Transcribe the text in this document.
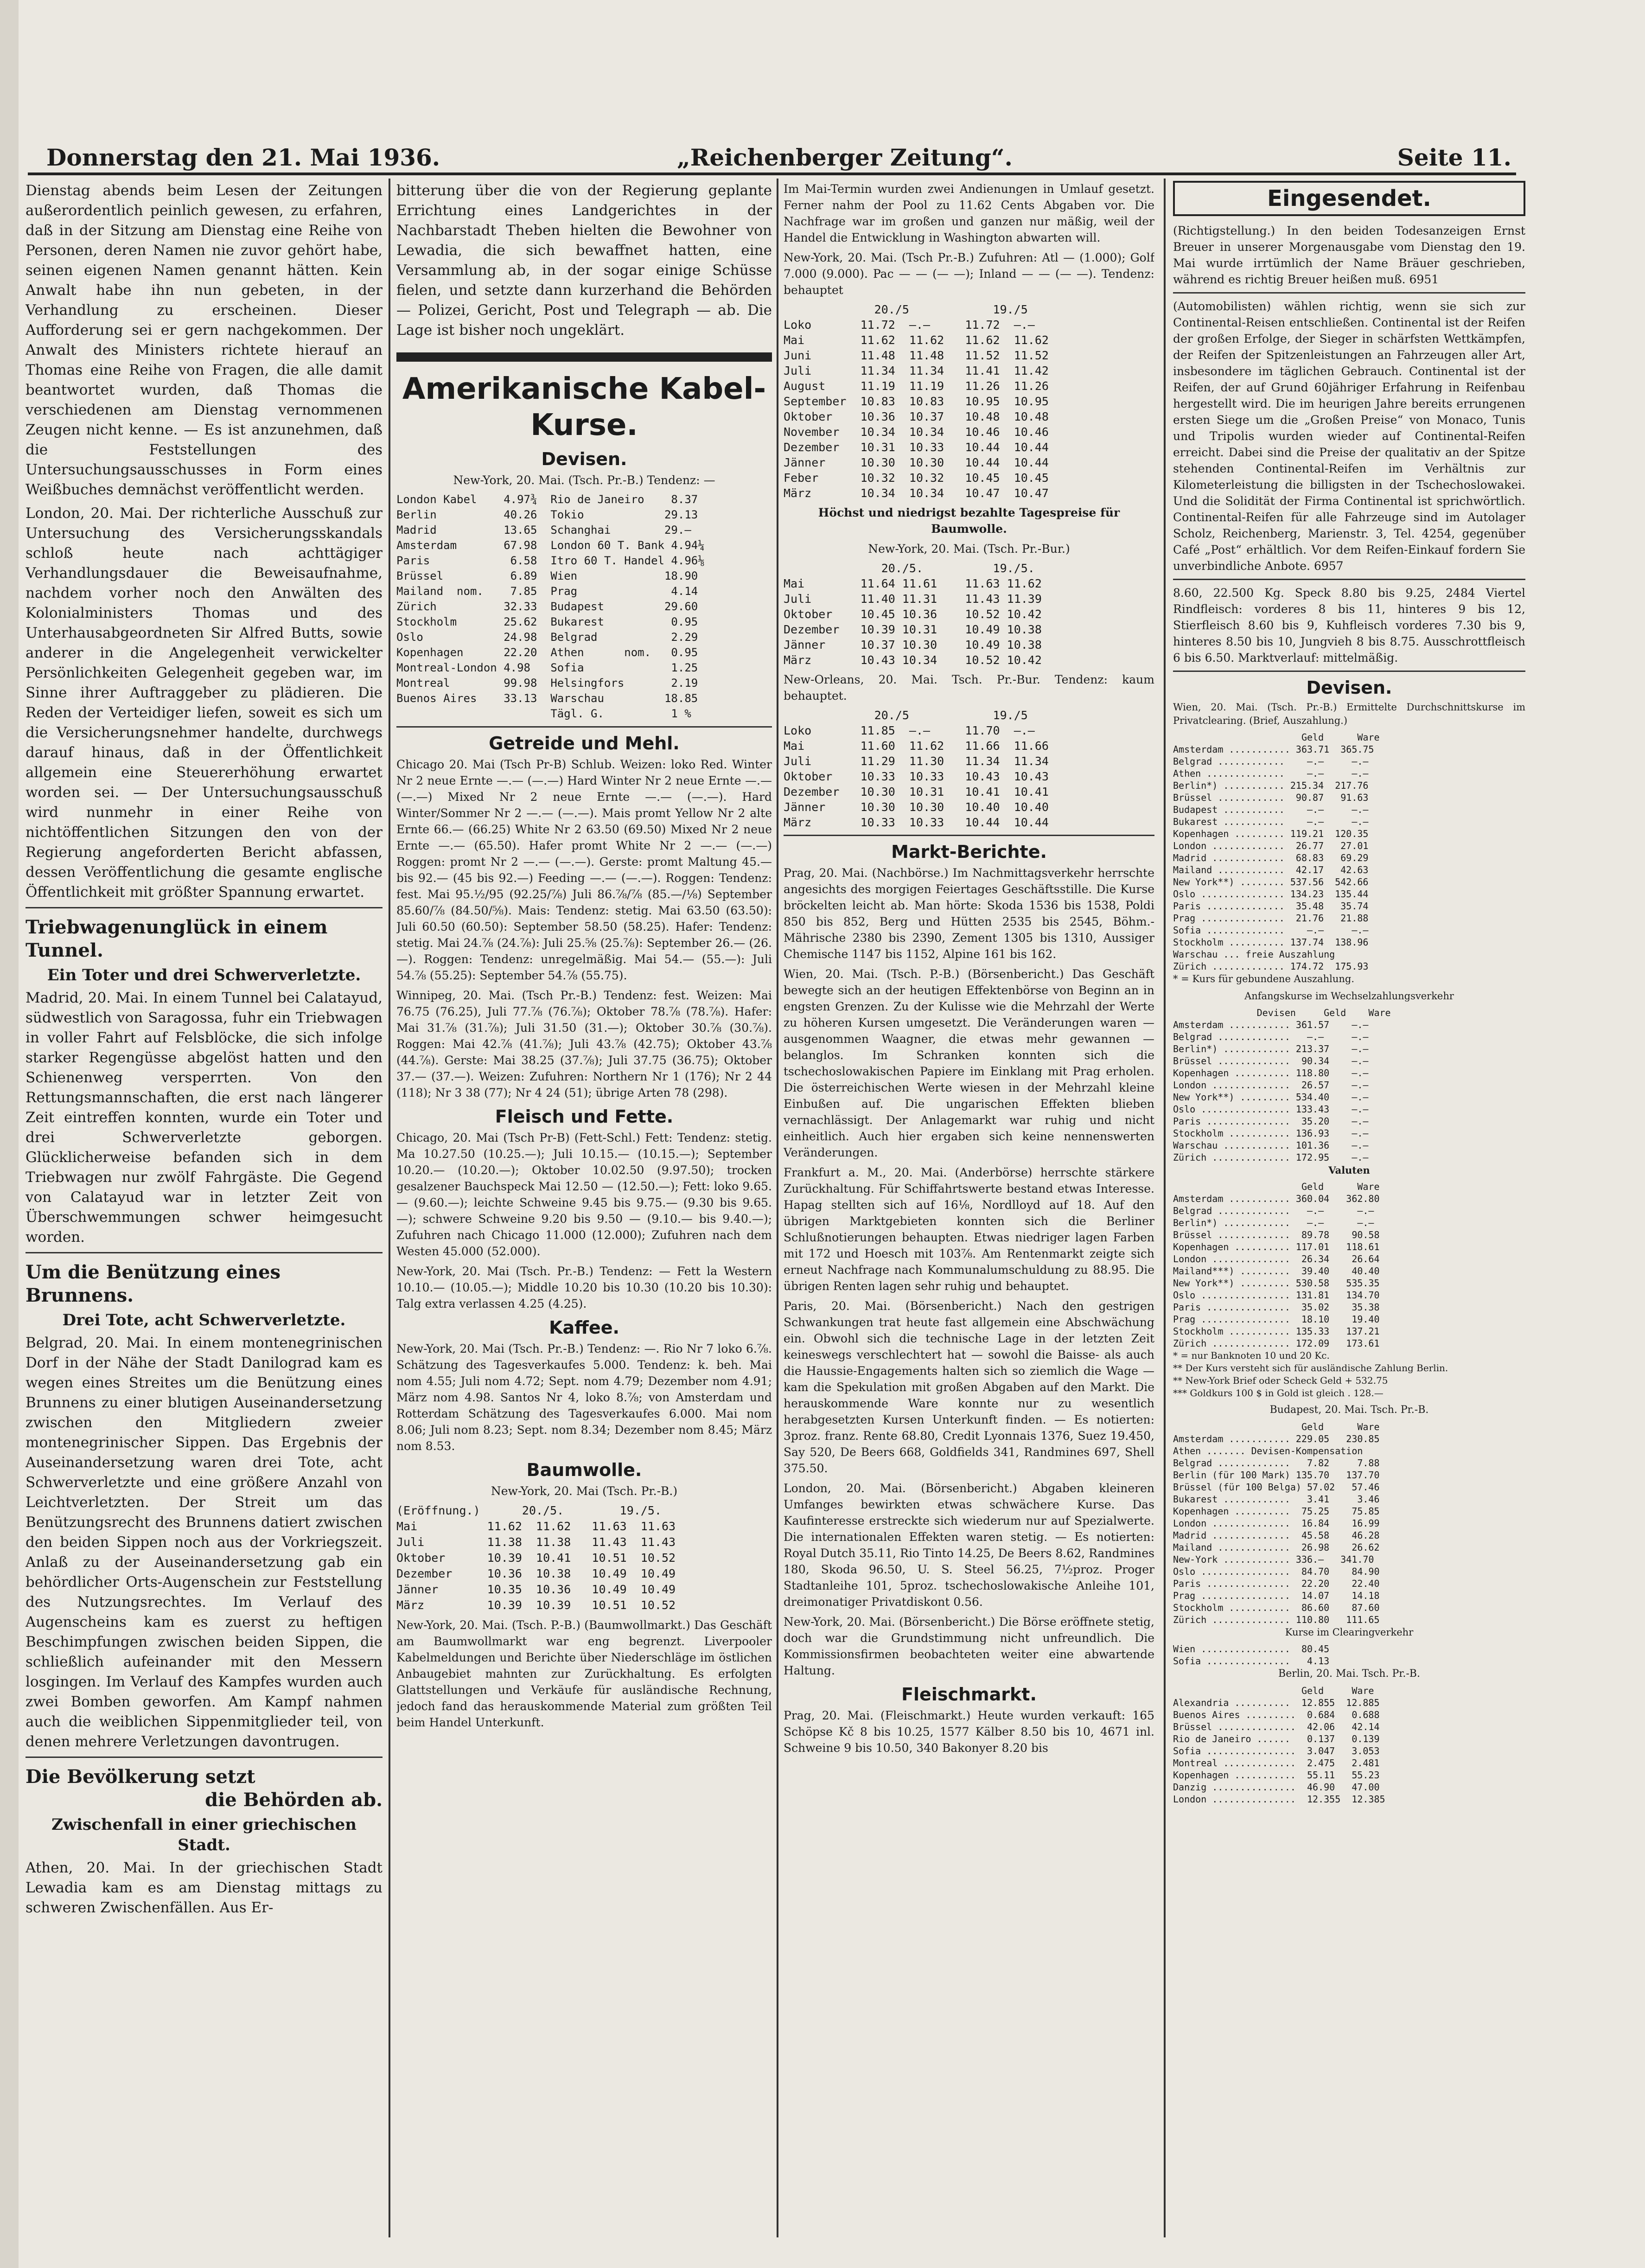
Donnerstag den 21. Mai 1936.	„Reichenberger Zeitung“.	Seite 11.

Dienstag abends beim Lesen der Zeitungen außerordentlich peinlich gewesen, zu erfahren, daß in der Sitzung am Dienstag eine Reihe von Personen, deren Namen nie zuvor gehört habe, seinen eigenen Namen genannt hätten. Kein Anwalt habe ihn nun gebeten, in der Verhandlung zu erscheinen. Dieser Aufforderung sei er gern nachgekommen. Der Anwalt des Ministers richtete hierauf an Thomas eine Reihe von Fragen, die alle damit beantwortet wurden, daß Thomas die verschiedenen am Dienstag vernommenen Zeugen nicht kenne. — Es ist anzunehmen, daß die Feststellungen des Untersuchungsausschusses in Form eines Weißbuches demnächst veröffentlicht werden.

London, 20. Mai. Der richterliche Ausschuß zur Untersuchung des Versicherungsskandals schloß heute nach achttägiger Verhandlungsdauer die Beweisaufnahme, nachdem vorher noch den Anwälten des Kolonialministers Thomas und des Unterhausabgeordneten Sir Alfred Butts, sowie anderer in die Angelegenheit verwickelter Persönlichkeiten Gelegenheit gegeben war, im Sinne ihrer Auftraggeber zu plädieren. Die Reden der Verteidiger liefen, soweit es sich um die Versicherungsnehmer handelte, durchwegs darauf hinaus, daß in der Öffentlichkeit allgemein eine Steuererhöhung erwartet worden sei. — Der Untersuchungsausschuß wird nunmehr in einer Reihe von nichtöffentlichen Sitzungen den von der Regierung angeforderten Bericht abfassen, dessen Veröffentlichung die gesamte englische Öffentlichkeit mit größter Spannung erwartet.

Triebwagenunglück in einem Tunnel.
Ein Toter und drei Schwerverletzte.

Madrid, 20. Mai. In einem Tunnel bei Calatayud, südwestlich von Saragossa, fuhr ein Triebwagen in voller Fahrt auf Felsblöcke, die sich infolge starker Regengüsse abgelöst hatten und den Schienenweg versperrten. Von den Rettungsmannschaften, die erst nach längerer Zeit eintreffen konnten, wurde ein Toter und drei Schwerverletzte geborgen. Glücklicherweise befanden sich in dem Triebwagen nur zwölf Fahrgäste. Die Gegend von Calatayud war in letzter Zeit von Überschwemmungen schwer heimgesucht worden.

Um die Benützung eines Brunnens.
Drei Tote, acht Schwerverletzte.

Belgrad, 20. Mai. In einem montenegrinischen Dorf in der Nähe der Stadt Danilograd kam es wegen eines Streites um die Benützung eines Brunnens zu einer blutigen Auseinandersetzung zwischen den Mitgliedern zweier montenegrinischer Sippen. Das Ergebnis der Auseinandersetzung waren drei Tote, acht Schwerverletzte und eine größere Anzahl von Leichtverletzten. Der Streit um das Benützungsrecht des Brunnens datiert zwischen den beiden Sippen noch aus der Vorkriegszeit. Anlaß zu der Auseinandersetzung gab ein behördlicher Orts-Augenschein zur Feststellung des Nutzungsrechtes. Im Verlauf des Augenscheins kam es zuerst zu heftigen Beschimpfungen zwischen beiden Sippen, die schließlich aufeinander mit den Messern losgingen. Im Verlauf des Kampfes wurden auch zwei Bomben geworfen. Am Kampf nahmen auch die weiblichen Sippenmitglieder teil, von denen mehrere Verletzungen davontrugen.

Die Bevölkerung setzt
die Behörden ab.
Zwischenfall in einer griechischen Stadt.

Athen, 20. Mai. In der griechischen Stadt Lewadia kam es am Dienstag mittags zu schweren Zwischenfällen. Aus Er-

bitterung über die von der Regierung geplante Errichtung eines Landgerichtes in der Nachbarstadt Theben hielten die Bewohner von Lewadia, die sich bewaffnet hatten, eine Versammlung ab, in der sogar einige Schüsse fielen, und setzte dann kurzerhand die Behörden — Polizei, Gericht, Post und Telegraph — ab. Die Lage ist bisher noch ungeklärt.

Amerikanische Kabel-Kurse.
Devisen.

New-York, 20. Mai. (Tsch. Pr.-B.) Tendenz: —

London Kabel    4.97¾  Rio de Janeiro    8.37
Berlin          40.26  Tokio            29.13
Madrid          13.65  Schanghai        29.—
Amsterdam       67.98  London 60 T. Bank 4.94¼
Paris            6.58  Itro 60 T. Handel 4.96⅛
Brüssel          6.89  Wien             18.90
Mailand  nom.    7.85  Prag              4.14
Zürich          32.33  Budapest         29.60
Stockholm       25.62  Bukarest          0.95
Oslo            24.98  Belgrad           2.29
Kopenhagen      22.20  Athen      nom.   0.95
Montreal-London 4.98   Sofia             1.25
Montreal        99.98  Helsingfors       2.19
Buenos Aires    33.13  Warschau         18.85
Tägl. G.          1 %
Getreide und Mehl.

Chicago 20. Mai (Tsch Pr-B) Schlub. Weizen: loko Red. Winter Nr 2 neue Ernte —.— (—.—) Hard Winter Nr 2 neue Ernte —.— (—.—) Mixed Nr 2 neue Ernte —.— (—.—). Hard Winter/Sommer Nr 2 —.— (—.—). Mais promt Yellow Nr 2 alte Ernte 66.— (66.25) White Nr 2 63.50 (69.50) Mixed Nr 2 neue Ernte —.— (65.50). Hafer promt White Nr 2 —.— (—.—) Roggen: promt Nr 2 —.— (—.—). Gerste: promt Maltung 45.— bis 92.— (45 bis 92.—) Feeding —.— (—.—). Roggen: Tendenz: fest. Mai 95.½/95 (92.25/⅞) Juli 86.⅞/⅞ (85.—/⅛) September 85.60/⅞ (84.50/⅝). Mais: Tendenz: stetig. Mai 63.50 (63.50): Juli 60.50 (60.50): September 58.50 (58.25). Hafer: Tendenz: stetig. Mai 24.⅞ (24.⅞): Juli 25.⅝ (25.⅞): September 26.— (26.—). Roggen: Tendenz: unregelmäßig. Mai 54.— (55.—): Juli 54.⅞ (55.25): September 54.⅞ (55.75).

Winnipeg, 20. Mai. (Tsch Pr.-B.) Tendenz: fest. Weizen: Mai 76.75 (76.25), Juli 77.⅞ (76.⅞); Oktober 78.⅞ (78.⅞). Hafer: Mai 31.⅞ (31.⅞); Juli 31.50 (31.—); Oktober 30.⅞ (30.⅞). Roggen: Mai 42.⅞ (41.⅞); Juli 43.⅞ (42.75); Oktober 43.⅞ (44.⅞). Gerste: Mai 38.25 (37.⅞); Juli 37.75 (36.75); Oktober 37.— (37.—). Weizen: Zufuhren: Northern Nr 1 (176); Nr 2 44 (118); Nr 3 38 (77); Nr 4 24 (51); übrige Arten 78 (298).

Fleisch und Fette.

Chicago, 20. Mai (Tsch Pr-B) (Fett-Schl.) Fett: Tendenz: stetig. Ma 10.27.50 (10.25.—); Juli 10.15.— (10.15.—); September 10.20.— (10.20.—); Oktober 10.02.50 (9.97.50); trocken gesalzener Bauchspeck Mai 12.50 — (12.50.—); Fett: loko 9.65.— (9.60.—); leichte Schweine 9.45 bis 9.75.— (9.30 bis 9.65.—); schwere Schweine 9.20 bis 9.50 — (9.10.— bis 9.40.—); Zufuhren nach Chicago 11.000 (12.000); Zufuhren nach dem Westen 45.000 (52.000).

New-York, 20. Mai (Tsch. Pr.-B.) Tendenz: — Fett la Western 10.10.— (10.05.—); Middle 10.20 bis 10.30 (10.20 bis 10.30): Talg extra verlassen 4.25 (4.25).

Kaffee.

New-York, 20. Mai (Tsch. Pr.-B.) Tendenz: —. Rio Nr 7 loko 6.⅞. Schätzung des Tagesverkaufes 5.000. Tendenz: k. beh. Mai nom 4.55; Juli nom 4.72; Sept. nom 4.79; Dezember nom 4.91; März nom 4.98. Santos Nr 4, loko 8.⅞; von Amsterdam und Rotterdam Schätzung des Tagesverkaufes 6.000. Mai nom 8.06; Juli nom 8.23; Sept. nom 8.34; Dezember nom 8.45; März nom 8.53.

Baumwolle.

New-York, 20. Mai (Tsch. Pr.-B.)

(Eröffnung.)      20./5.        19./5.
Mai          11.62  11.62   11.63  11.63
Juli         11.38  11.38   11.43  11.43
Oktober      10.39  10.41   10.51  10.52
Dezember     10.36  10.38   10.49  10.49
Jänner       10.35  10.36   10.49  10.49
März         10.39  10.39   10.51  10.52

New-York, 20. Mai. (Tsch. P.-B.) (Baumwollmarkt.) Das Geschäft am Baumwollmarkt war eng begrenzt. Liverpooler Kabelmeldungen und Berichte über Niederschläge im östlichen Anbaugebiet mahnten zur Zurückhaltung. Es erfolgten Glattstellungen und Verkäufe für ausländische Rechnung, jedoch fand das herauskommende Material zum größten Teil beim Handel Unterkunft.

Im Mai-Termin wurden zwei Andienungen in Umlauf gesetzt. Ferner nahm der Pool zu 11.62 Cents Abgaben vor. Die Nachfrage war im großen und ganzen nur mäßig, weil der Handel die Entwicklung in Washington abwarten will.

New-York, 20. Mai. (Tsch Pr.-B.) Zufuhren: Atl — (1.000); Golf 7.000 (9.000). Pac — — (— —); Inland — — (— —). Tendenz: behauptet

20./5            19./5
Loko       11.72  —.—     11.72  —.—
Mai        11.62  11.62   11.62  11.62
Juni       11.48  11.48   11.52  11.52
Juli       11.34  11.34   11.41  11.42
August     11.19  11.19   11.26  11.26
September  10.83  10.83   10.95  10.95
Oktober    10.36  10.37   10.48  10.48
November   10.34  10.34   10.46  10.46
Dezember   10.31  10.33   10.44  10.44
Jänner     10.30  10.30   10.44  10.44
Feber      10.32  10.32   10.45  10.45
März       10.34  10.34   10.47  10.47

Höchst und niedrigst bezahlte Tagespreise für Baumwolle.

New-York, 20. Mai. (Tsch. Pr.-Bur.)

20./5.          19./5.
Mai        11.64 11.61    11.63 11.62
Juli       11.40 11.31    11.43 11.39
Oktober    10.45 10.36    10.52 10.42
Dezember   10.39 10.31    10.49 10.38
Jänner     10.37 10.30    10.49 10.38
März       10.43 10.34    10.52 10.42

New-Orleans, 20. Mai. Tsch. Pr.-Bur. Tendenz: kaum behauptet.

20./5            19./5
Loko       11.85  —.—     11.70  —.—
Mai        11.60  11.62   11.66  11.66
Juli       11.29  11.30   11.34  11.34
Oktober    10.33  10.33   10.43  10.43
Dezember   10.30  10.31   10.41  10.41
Jänner     10.30  10.30   10.40  10.40
März       10.33  10.33   10.44  10.44
Markt-Berichte.

Prag, 20. Mai. (Nachbörse.) Im Nachmittagsverkehr herrschte angesichts des morgigen Feiertages Geschäftsstille. Die Kurse bröckelten leicht ab. Man hörte: Skoda 1536 bis 1538, Poldi 850 bis 852, Berg und Hütten 2535 bis 2545, Böhm.-Mährische 2380 bis 2390, Zement 1305 bis 1310, Aussiger Chemische 1147 bis 1152, Alpine 161 bis 162.

Wien, 20. Mai. (Tsch. P.-B.) (Börsenbericht.) Das Geschäft bewegte sich an der heutigen Effektenbörse von Beginn an in engsten Grenzen. Zu der Kulisse wie die Mehrzahl der Werte zu höheren Kursen umgesetzt. Die Veränderungen waren — ausgenommen Waagner, die etwas mehr gewannen — belanglos. Im Schranken konnten sich die tschechoslowakischen Papiere im Einklang mit Prag erholen. Die österreichischen Werte wiesen in der Mehrzahl kleine Einbußen auf. Die ungarischen Effekten blieben vernachlässigt. Der Anlagemarkt war ruhig und nicht einheitlich. Auch hier ergaben sich keine nennenswerten Veränderungen.

Frankfurt a. M., 20. Mai. (Anderbörse) herrschte stärkere Zurückhaltung. Für Schiffahrtswerte bestand etwas Interesse. Hapag stellten sich auf 16⅛, Nordlloyd auf 18. Auf den übrigen Marktgebieten konnten sich die Berliner Schlußnotierungen behaupten. Etwas niedriger lagen Farben mit 172 und Hoesch mit 103⅞. Am Rentenmarkt zeigte sich erneut Nachfrage nach Kommunalumschuldung zu 88.95. Die übrigen Renten lagen sehr ruhig und behauptet.

Paris, 20. Mai. (Börsenbericht.) Nach den gestrigen Schwankungen trat heute fast allgemein eine Abschwächung ein. Obwohl sich die technische Lage in der letzten Zeit keineswegs verschlechtert hat — sowohl die Baisse- als auch die Haussie-Engagements halten sich so ziemlich die Wage — kam die Spekulation mit großen Abgaben auf den Markt. Die herauskommende Ware konnte nur zu wesentlich herabgesetzten Kursen Unterkunft finden. — Es notierten: 3proz. franz. Rente 68.80, Credit Lyonnais 1376, Suez 19.450, Say 520, De Beers 668, Goldfields 341, Randmines 697, Shell 375.50.

London, 20. Mai. (Börsenbericht.) Abgaben kleineren Umfanges bewirkten etwas schwächere Kurse. Das Kaufinteresse erstreckte sich wiederum nur auf Spezialwerte. Die internationalen Effekten waren stetig. — Es notierten: Royal Dutch 35.11, Rio Tinto 14.25, De Beers 8.62, Randmines 180, Skoda 96.50, U. S. Steel 56.25, 7½proz. Proger Stadtanleihe 101, 5proz. tschechoslowakische Anleihe 101, dreimonatiger Privatdiskont 0.56.

New-York, 20. Mai. (Börsenbericht.) Die Börse eröffnete stetig, doch war die Grundstimmung nicht unfreundlich. Die Kommissionsfirmen beobachteten weiter eine abwartende Haltung.

Fleischmarkt.

Prag, 20. Mai. (Fleischmarkt.) Heute wurden verkauft: 165 Schöpse Kč 8 bis 10.25, 1577 Kälber 8.50 bis 10, 4671 inl. Schweine 9 bis 10.50, 340 Bakonyer 8.20 bis

Eingesendet.

(Richtigstellung.) In den beiden Todesanzeigen Ernst Breuer in unserer Morgenausgabe vom Dienstag den 19. Mai wurde irrtümlich der Name Bräuer geschrieben, während es richtig Breuer heißen muß. 6951

(Automobilisten) wählen richtig, wenn sie sich zur Continental-Reisen entschließen. Continental ist der Reifen der großen Erfolge, der Sieger in schärfsten Wettkämpfen, der Reifen der Spitzenleistungen an Fahrzeugen aller Art, insbesondere im täglichen Gebrauch. Continental ist der Reifen, der auf Grund 60jähriger Erfahrung in Reifenbau hergestellt wird. Die im heurigen Jahre bereits errungenen ersten Siege um die „Großen Preise“ von Monaco, Tunis und Tripolis wurden wieder auf Continental-Reifen erreicht. Dabei sind die Preise der qualitativ an der Spitze stehenden Continental-Reifen im Verhältnis zur Kilometerleistung die billigsten in der Tschechoslowakei. Und die Solidität der Firma Continental ist sprichwörtlich. Continental-Reifen für alle Fahrzeuge sind im Autolager Scholz, Reichenberg, Marienstr. 3, Tel. 4254, gegenüber Café „Post“ erhältlich. Vor dem Reifen-Einkauf fordern Sie unverbindliche Anbote. 6957

8.60, 22.500 Kg. Speck 8.80 bis 9.25, 2484 Viertel Rindfleisch: vorderes 8 bis 11, hinteres 9 bis 12, Stierfleisch 8.60 bis 9, Kuhfleisch vorderes 7.30 bis 9, hinteres 8.50 bis 10, Jungvieh 8 bis 8.75. Ausschrottfleisch 6 bis 6.50. Marktverlauf: mittelmäßig.

Devisen.

Wien, 20. Mai. (Tsch. Pr.-B.) Ermittelte Durchschnittskurse im Privatclearing. (Brief, Auszahlung.)

Geld      Ware
Amsterdam ........... 363.71  365.75
Belgrad ............    —.—     —.—
Athen ..............    —.—     —.—
Berlin*) ........... 215.34  217.76
Brüssel ............  90.87   91.63
Budapest ...........    —.—     —.—
Bukarest ...........    —.—     —.—
Kopenhagen ......... 119.21  120.35
London .............  26.77   27.01
Madrid .............  68.83   69.29
Mailand ............  42.17   42.63
New York**) ........ 537.56  542.66
Oslo ............... 134.23  135.44
Paris ..............  35.48   35.74
Prag ...............  21.76   21.88
Sofia ..............    —.—     —.—
Stockholm .......... 137.74  138.96
Warschau ... freie Auszahlung
Zürich ............. 174.72  175.93

* = Kurs für gebundene Auszahlung.

Anfangskurse im Wechselzahlungsverkehr

Devisen     Geld    Ware
Amsterdam ........... 361.57    —.—
Belgrad .............   —.—     —.—
Berlin*) ............ 213.37    —.—
Brüssel .............  90.34    —.—
Kopenhagen .......... 118.80    —.—
London ..............  26.57    —.—
New York**) ......... 534.40    —.—
Oslo ................ 133.43    —.—
Paris ...............  35.20    —.—
Stockholm ........... 136.93    —.—
Warschau ............ 101.36    —.—
Zürich .............. 172.95    —.—

Valuten

Geld      Ware
Amsterdam ........... 360.04   362.80
Belgrad .............   —.—      —.—
Berlin*) ............   —.—      —.—
Brüssel .............  89.78    90.58
Kopenhagen .......... 117.01   118.61
London ..............  26.34    26.64
Mailand***) .........  39.40    40.40
New York**) ......... 530.58   535.35
Oslo ................ 131.81   134.70
Paris ...............  35.02    35.38
Prag ................  18.10    19.40
Stockholm ........... 135.33   137.21
Zürich .............. 172.09   173.61

* = nur Banknoten 10 und 20 Kc.

** Der Kurs versteht sich für ausländische Zahlung Berlin.

** New-York Brief oder Scheck Geld + 532.75

*** Goldkurs 100 $ in Gold ist gleich . 128.—

Budapest, 20. Mai. Tsch. Pr.-B.

Geld      Ware
Amsterdam ........... 229.05   230.85
Athen ....... Devisen-Kompensation
Belgrad .............   7.82     7.88
Berlin (für 100 Mark) 135.70   137.70
Brüssel (für 100 Belga) 57.02   57.46
Bukarest ............   3.41     3.46
Kopenhagen ..........  75.25    75.85
London ..............  16.84    16.99
Madrid ..............  45.58    46.28
Mailand .............  26.98    26.62
New-York ............ 336.—   341.70
Oslo ................  84.70    84.90
Paris ...............  22.20    22.40
Prag ................  14.07    14.18
Stockholm ...........  86.60    87.60
Zürich .............. 110.80   111.65

Kurse im Clearingverkehr

Wien ................  80.45
Sofia ...............   4.13

Berlin, 20. Mai. Tsch. Pr.-B.

Geld     Ware
Alexandria ..........  12.855  12.885
Buenos Aires .........  0.684   0.688
Brüssel ..............  42.06   42.14
Rio de Janeiro ......   0.137   0.139
Sofia ................  3.047   3.053
Montreal .............  2.475   2.481
Kopenhagen ...........  55.11   55.23
Danzig ...............  46.90   47.00
London ...............  12.355  12.385
